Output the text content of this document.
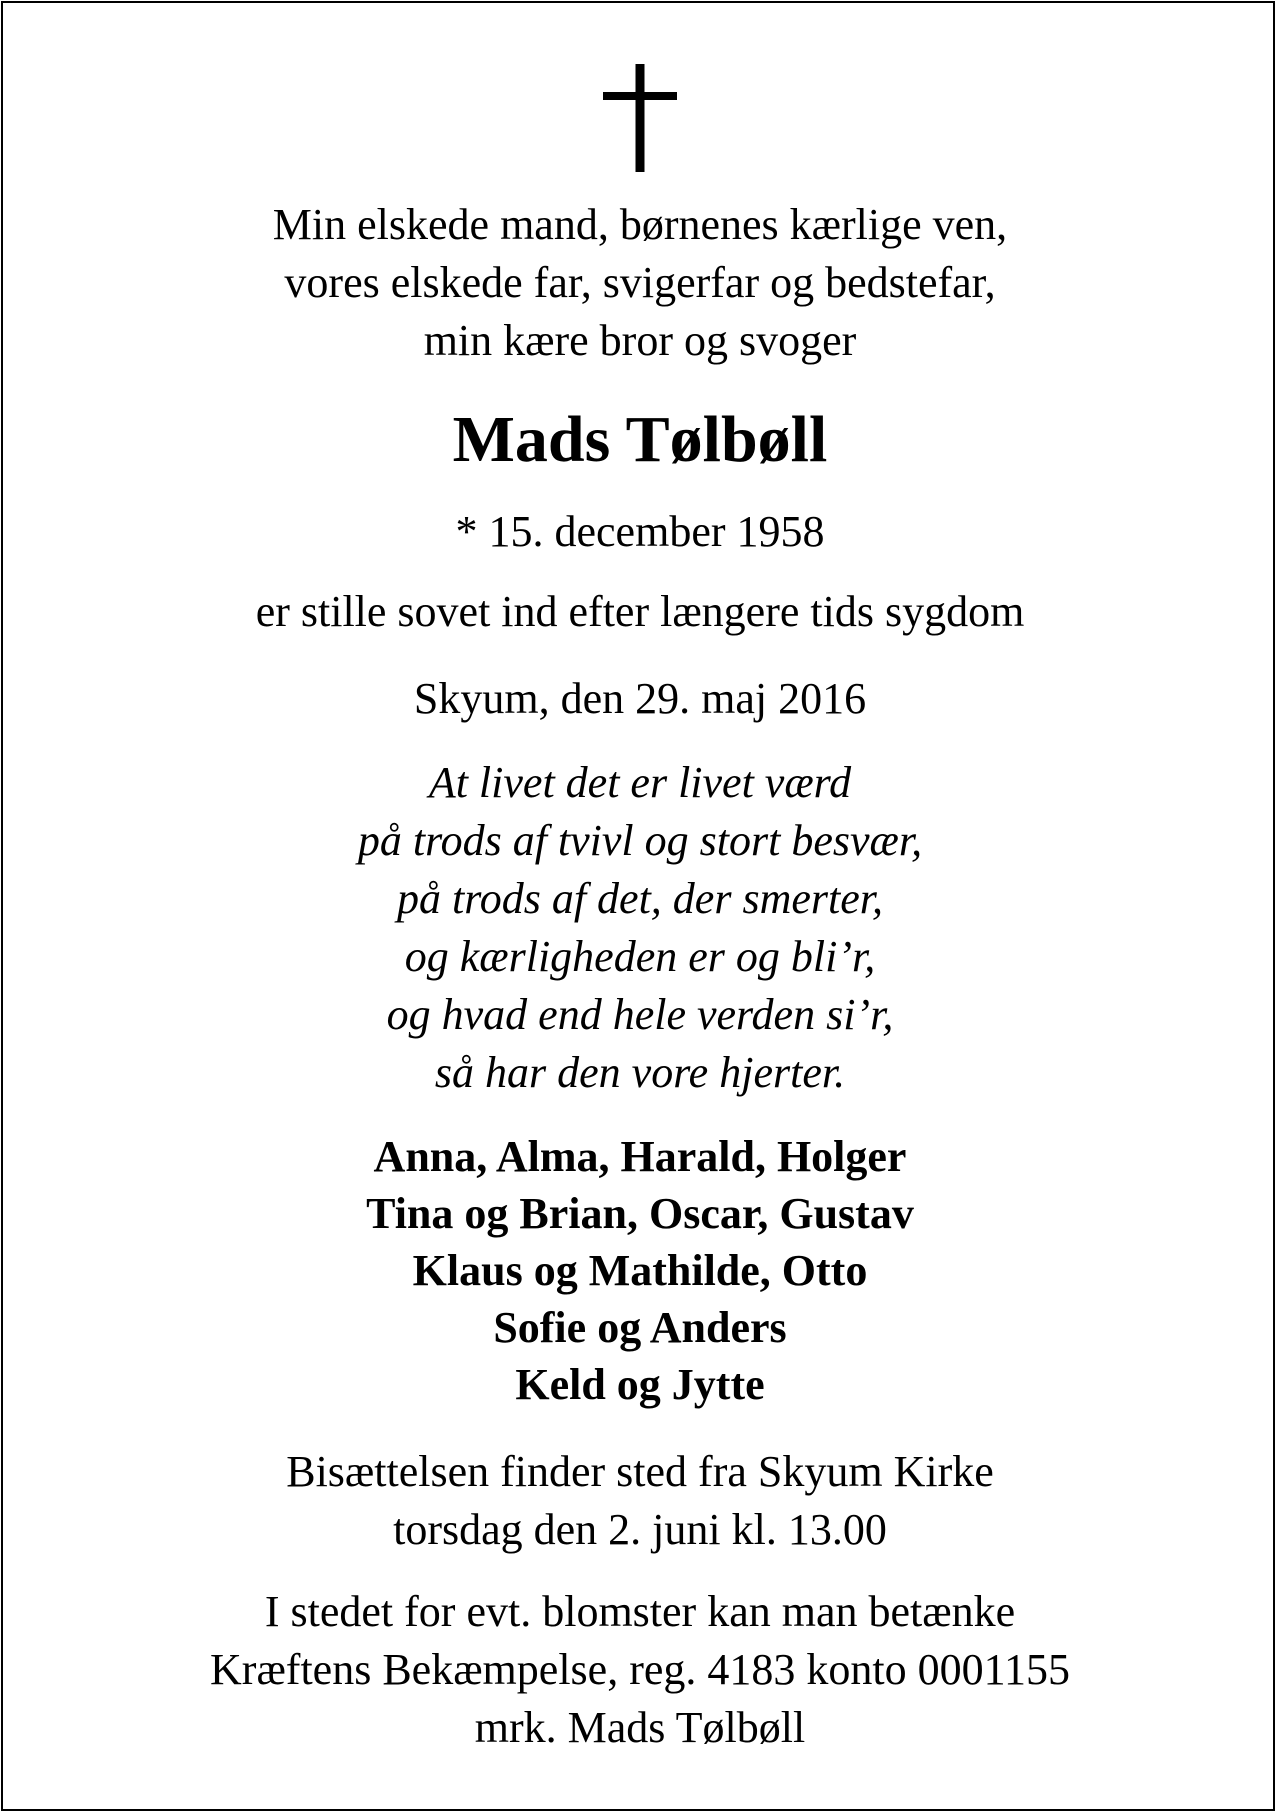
Min elskede mand, børnenes kærlige ven,
vores elskede far, svigerfar og bedstefar,
min kære bror og svoger
Mads Tølbøll
* 15. december 1958
er stille sovet ind efter længere tids sygdom
Skyum, den 29. maj 2016
At livet det er livet værd
på trods af tvivl og stort besvær,
på trods af det, der smerter,
og kærligheden er og bli’r,
og hvad end hele verden si’r,
så har den vore hjerter.
Anna, Alma, Harald, Holger
Tina og Brian, Oscar, Gustav
Klaus og Mathilde, Otto
Sofie og Anders
Keld og Jytte
Bisættelsen finder sted fra Skyum Kirke
torsdag den 2. juni kl. 13.00
I stedet for evt. blomster kan man betænke
Kræftens Bekæmpelse, reg. 4183 konto 0001155
mrk. Mads Tølbøll
